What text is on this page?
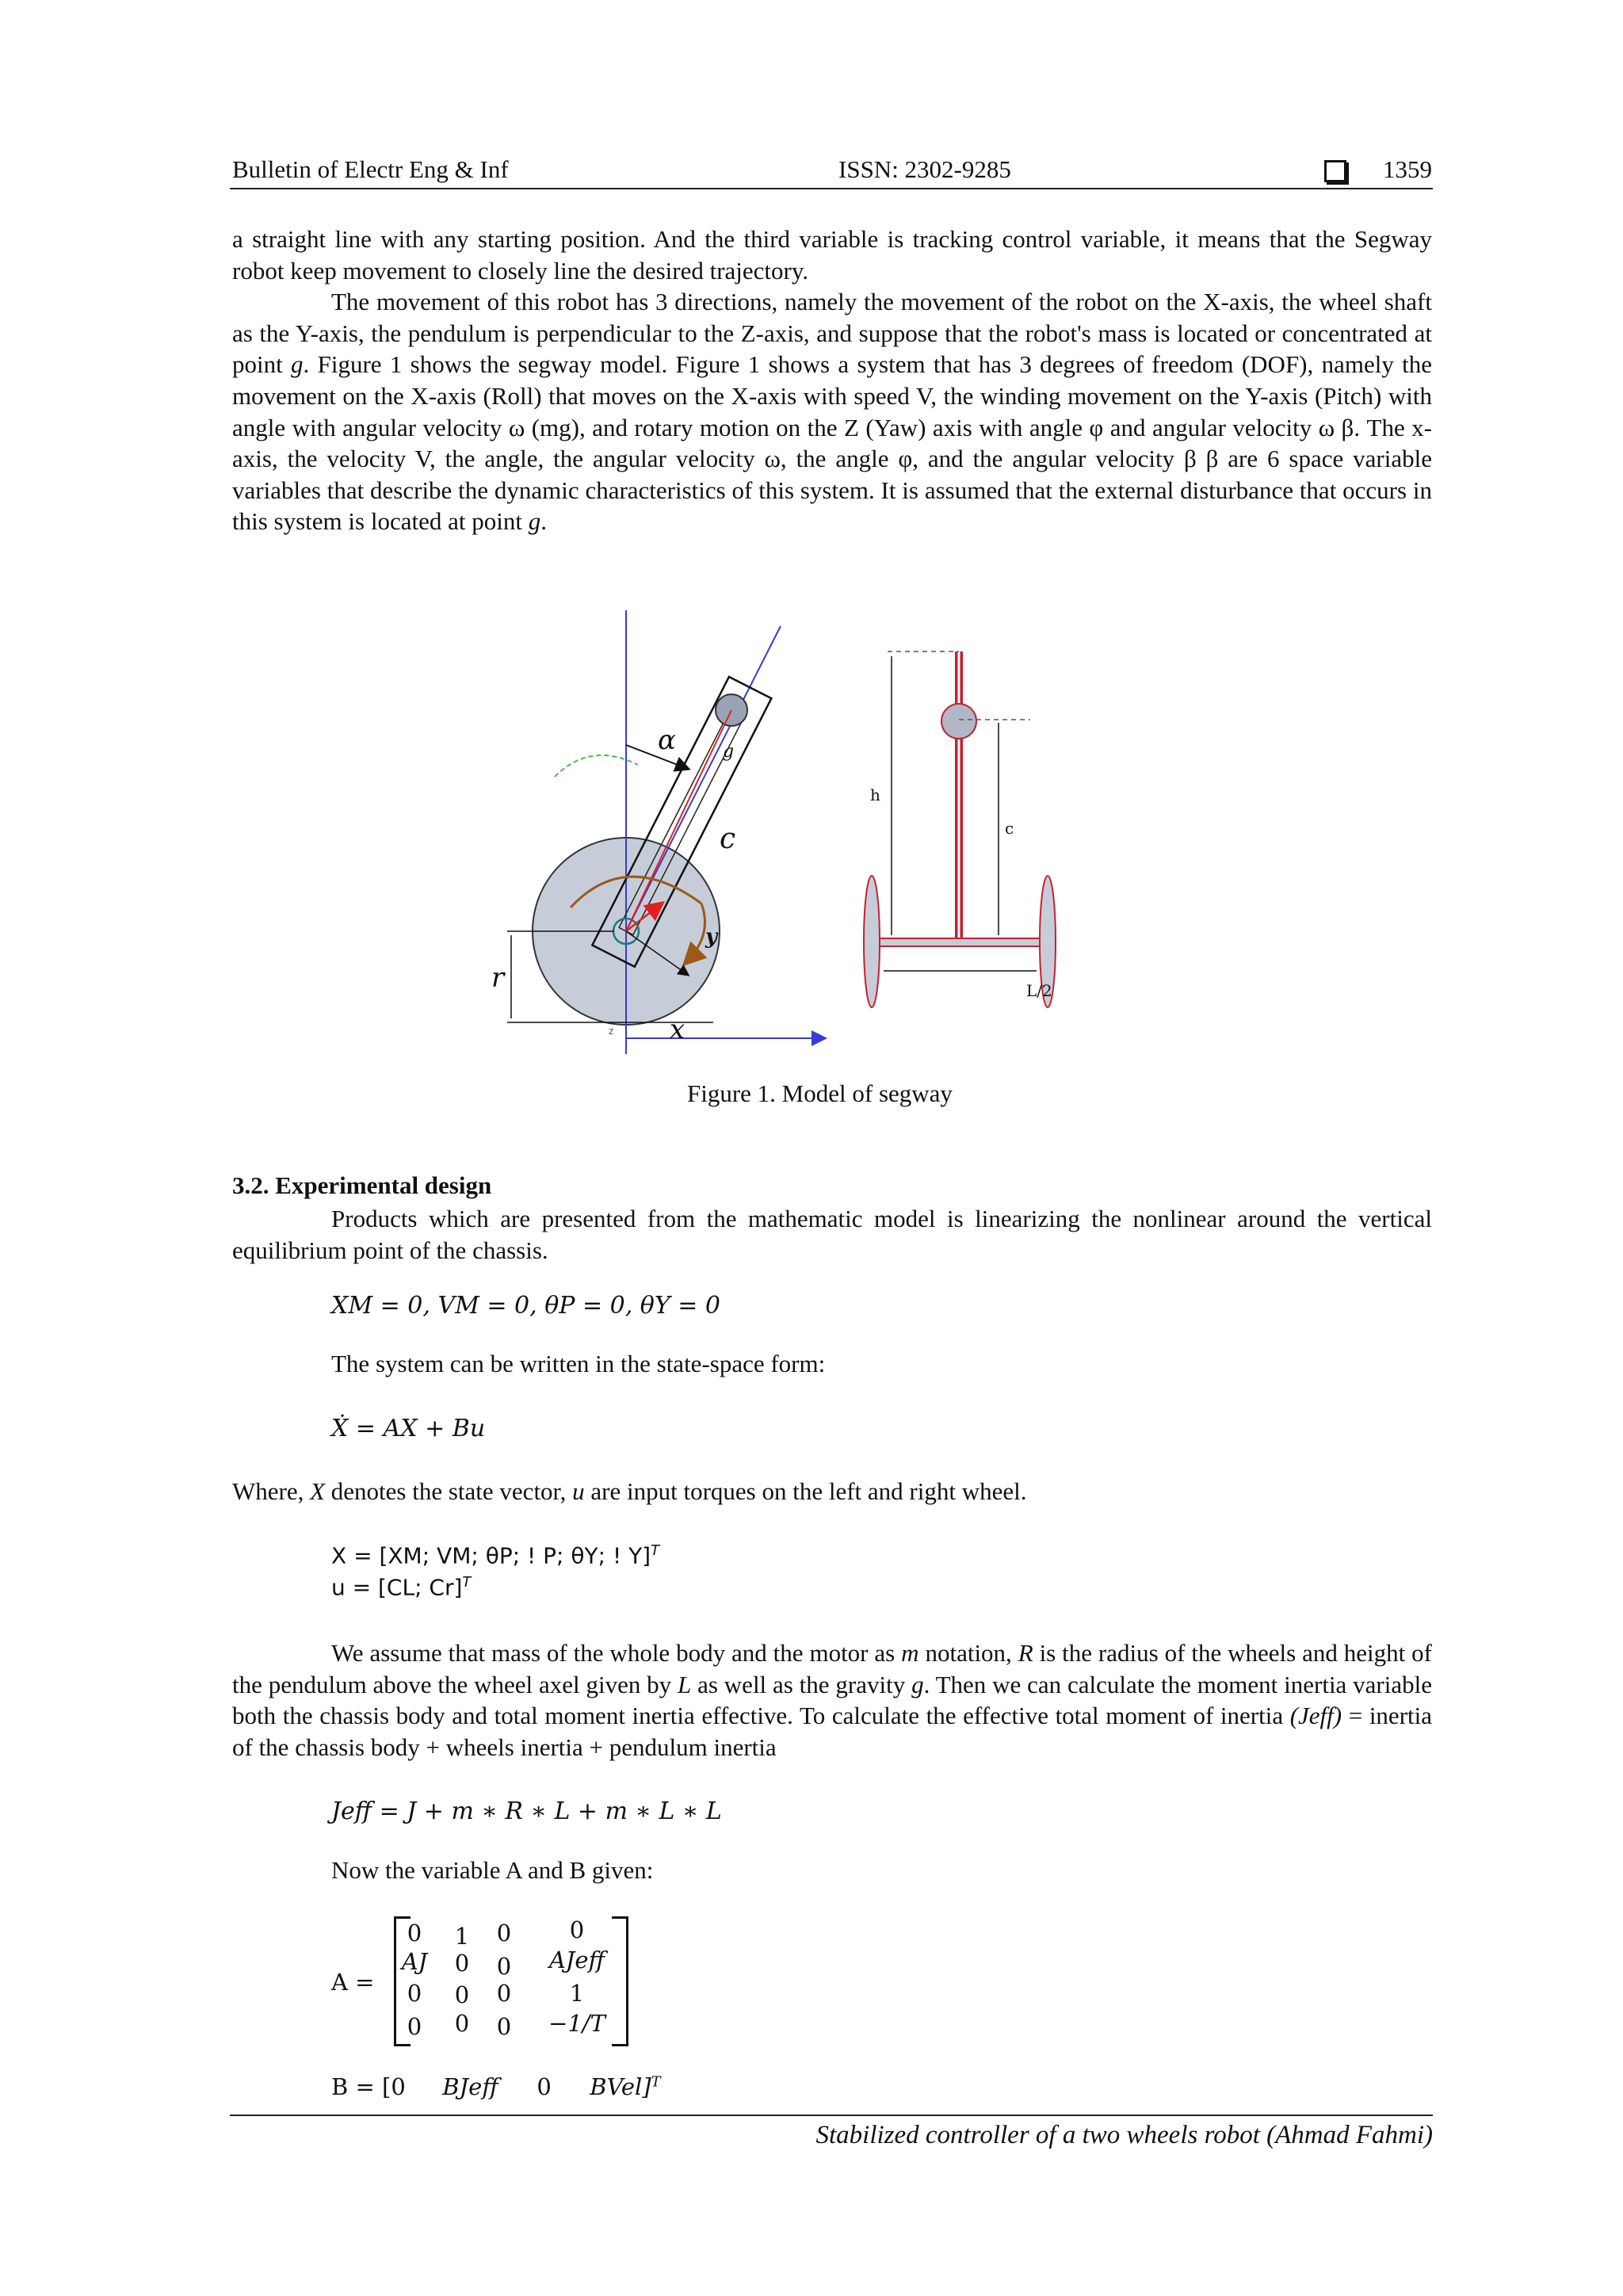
Bulletin of Electr Eng & Inf	ISSN: 2302-9285	1359

a straight line with any starting position. And the third variable is tracking control variable, it means that the Segway robot keep movement to closely line the desired trajectory.

The movement of this robot has 3 directions, namely the movement of the robot on the X-axis, the wheel shaft as the Y-axis, the pendulum is perpendicular to the Z-axis, and suppose that the robot's mass is located or concentrated at point g. Figure 1 shows the segway model. Figure 1 shows a system that has 3 degrees of freedom (DOF), namely the movement on the X-axis (Roll) that moves on the X-axis with speed V, the winding movement on the Y-axis (Pitch) with angle with angular velocity ω (mg), and rotary motion on the Z (Yaw) axis with angle φ and angular velocity ω β. The x-axis, the velocity V, the angle, the angular velocity ω, the angle φ, and the angular velocity β β are 6 space variable variables that describe the dynamic characteristics of this system. It is assumed that the external disturbance that occurs in this system is located at point g.

α	g
c
y
r
x
z
h
c
L/2
Figure 1. Model of segway
3.2. Experimental design

Products which are presented from the mathematic model is linearizing the nonlinear around the vertical equilibrium point of the chassis.

XM = 0, VM = 0, θP = 0, θY = 0
The system can be written in the state-space form:
Ẋ = AX + Bu
Where, X denotes the state vector, u are input torques on the left and right wheel.
X = [XM; VM; θP; ! P; θY; ! Y]$^T$
u = [CL; Cr]$^T$

We assume that mass of the whole body and the motor as m notation, R is the radius of the wheels and height of the pendulum above the wheel axel given by L as well as the gravity g. Then we can calculate the moment inertia variable both the chassis body and total moment inertia effective. To calculate the effective total moment of inertia (Jeff) = inertia of the chassis body + wheels inertia + pendulum inertia

Jeff = J + m ∗ R ∗ L + m ∗ L ∗ L
Now the variable A and B given:
A =
0	1	0	0
AJ	0	0	AJeff
0	0	0	1
0	0	0	−1/T
B = [0 BJeff 0 BVel]$^T$
Stabilized controller of a two wheels robot (Ahmad Fahmi)
